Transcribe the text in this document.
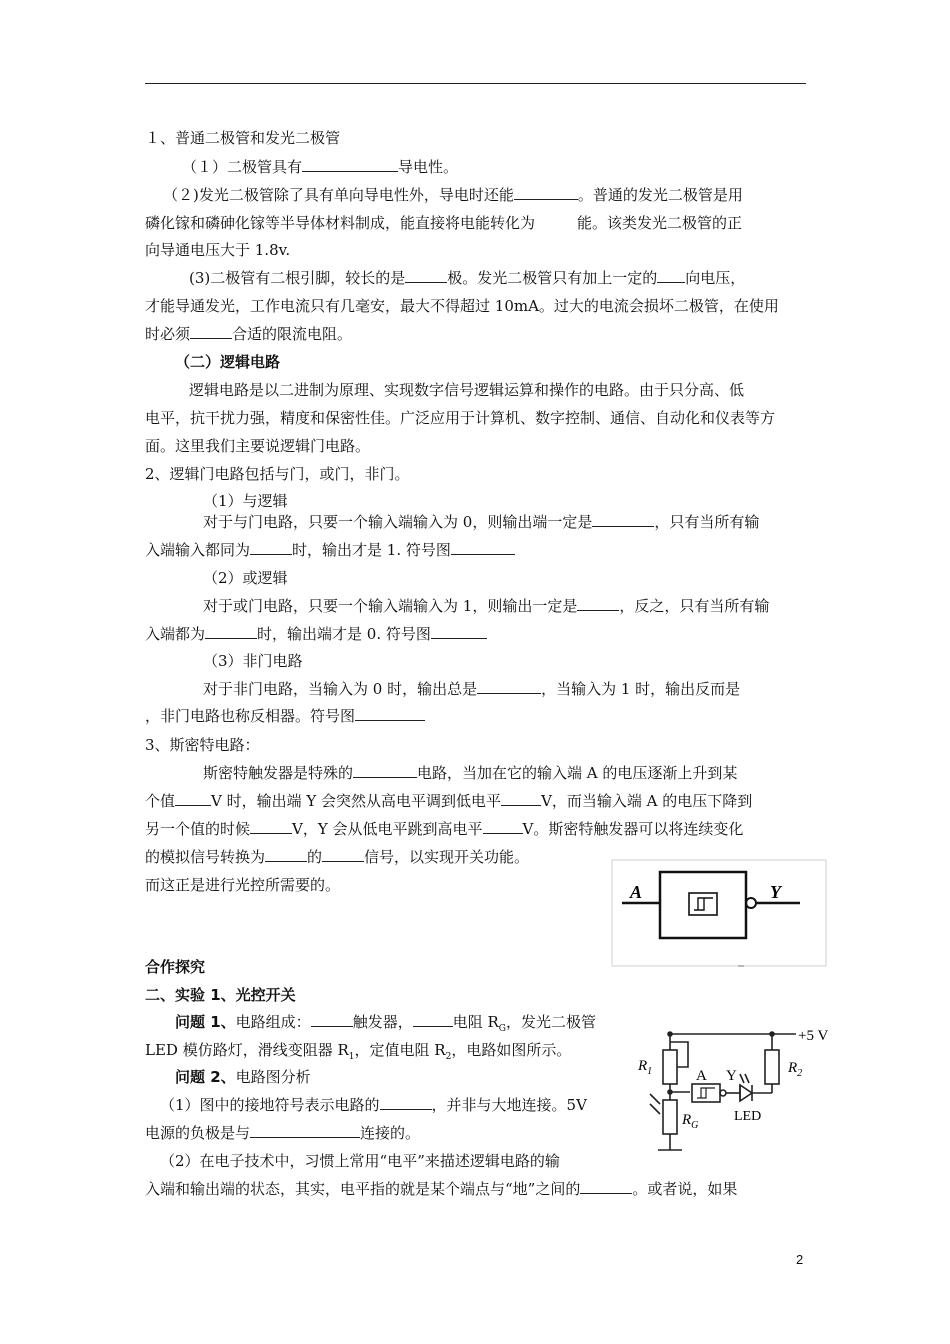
１、普通二极管和发光二极管
（１）二极管具有	导电性。
（２)发光二极管除了具有单向导电性外，导电时还能	。普通的发光二极管是用
磷化镓和磷砷化镓等半导体材料制成，能直接将电能转化为	能。该类发光二极管的正
向导通电压大于 1.8v.
(3)二极管有二根引脚，较长的是	极。发光二极管只有加上一定的 向电压，
才能导通发光，工作电流只有几毫安，最大不得超过 10mA。过大的电流会损坏二极管，在使用
时必须	合适的限流电阻。
（二）逻辑电路
逻辑电路是以二进制为原理、实现数字信号逻辑运算和操作的电路。由于只分高、低
电平，抗干扰力强，精度和保密性佳。广泛应用于计算机、数字控制、通信、自动化和仪表等方
面。这里我们主要说逻辑门电路。
2、逻辑门电路包括与门，或门，非门。
（1）与逻辑
对于与门电路，只要一个输入端输入为 0，则输出端一定是	，只有当所有输
入端输入都同为	时，输出才是 1. 符号图
（2）或逻辑
对于或门电路，只要一个输入端输入为 1，则输出一定是	，反之，只有当所有输
入端都为	时，输出端才是 0. 符号图
（3）非门电路
对于非门电路，当输入为 0 时，输出总是	，当输入为 1 时，输出反而是
，非门电路也称反相器。符号图
3、斯密特电路：
斯密特触发器是特殊的	电路，当加在它的输入端 A 的电压逐渐上升到某
个值 V 时，输出端 Y 会突然从高电平调到低电平	V，而当输入端 A 的电压下降到
另一个值的时候	V，Y 会从低电平跳到高电平	V。斯密特触发器可以将连续变化
的模拟信号转换为	的	信号，以实现开关功能。
而这正是进行光控所需要的。	A	Y
合作探究
二、实验 1、光控开关
问题 1、电路组成：	触发器，	电阻 $R_G$，发光二极管
LED 模仿路灯，滑线变阻器 $R_1$，定值电阻 $R_2$，电路如图所示。
问题 2、电路图分析
（1）图中的接地符号表示电路的	，并非与大地连接。5V
电源的负极是与	连接的。
（2）在电子技术中，习惯上常用“电平”来描述逻辑电路的输
入端和输出端的状态，其实，电平指的就是某个端点与“地”之间的	。或者说，如果
+5 V
$R_1$	$R_2$
$R_G$
A Y
LED
2
